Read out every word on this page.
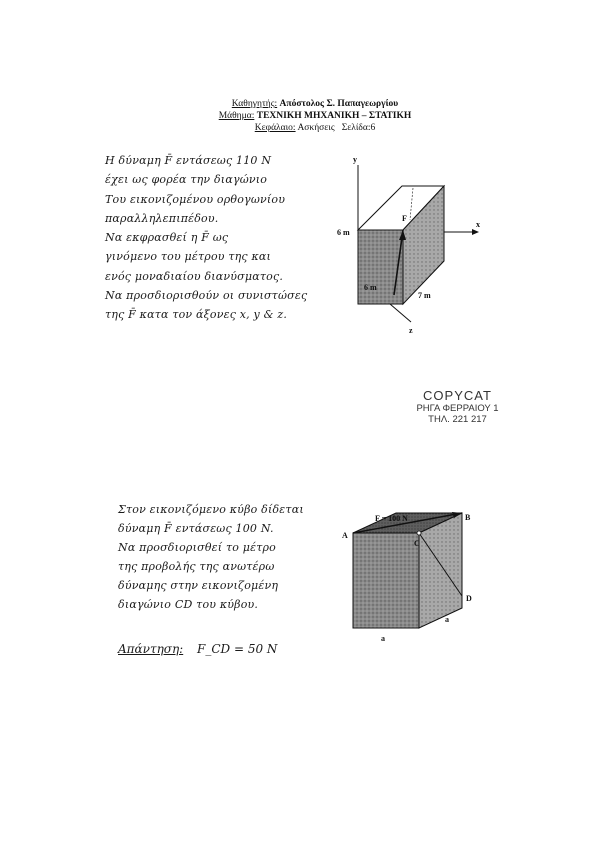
Καθηγητής: Απόστολος Σ. Παπαγεωργίου
Μάθημα: ΤΕΧΝΙΚΗ ΜΗΧΑΝΙΚΗ – ΣΤΑΤΙΚΗ
Κεφάλαιο: Ασκήσεις Σελίδα:6
Η δύναμη F̄ εντάσεως 110 N
έχει ως φορέα την διαγώνιο
Του εικονιζομένου ορθογωνίου
παραλληλεπιπέδου.
Να εκφρασθεί η F̄ ως
γινόμενο του μέτρου της και
ενός μοναδιαίου διανύσματος.
Να προσδιορισθούν οι συνιστώσες
της F̄ κατα τον άξονες x, y & z.
y
x
z
F
6 m
6 m
7 m
A
B
C
D
F = 100 N
a
a
COPYCAT
ΡΗΓΑ ΦΕΡΡΑΙΟΥ 1
ΤΗΛ. 221 217
Στον εικονιζόμενο κύβο δίδεται
δύναμη F̄ εντάσεως 100 N.
Να προσδιορισθεί το μέτρο
της προβολής της ανωτέρω
δύναμης στην εικονιζομένη
διαγώνιο CD του κύβου.
Απάντηση: F_CD = 50 N
